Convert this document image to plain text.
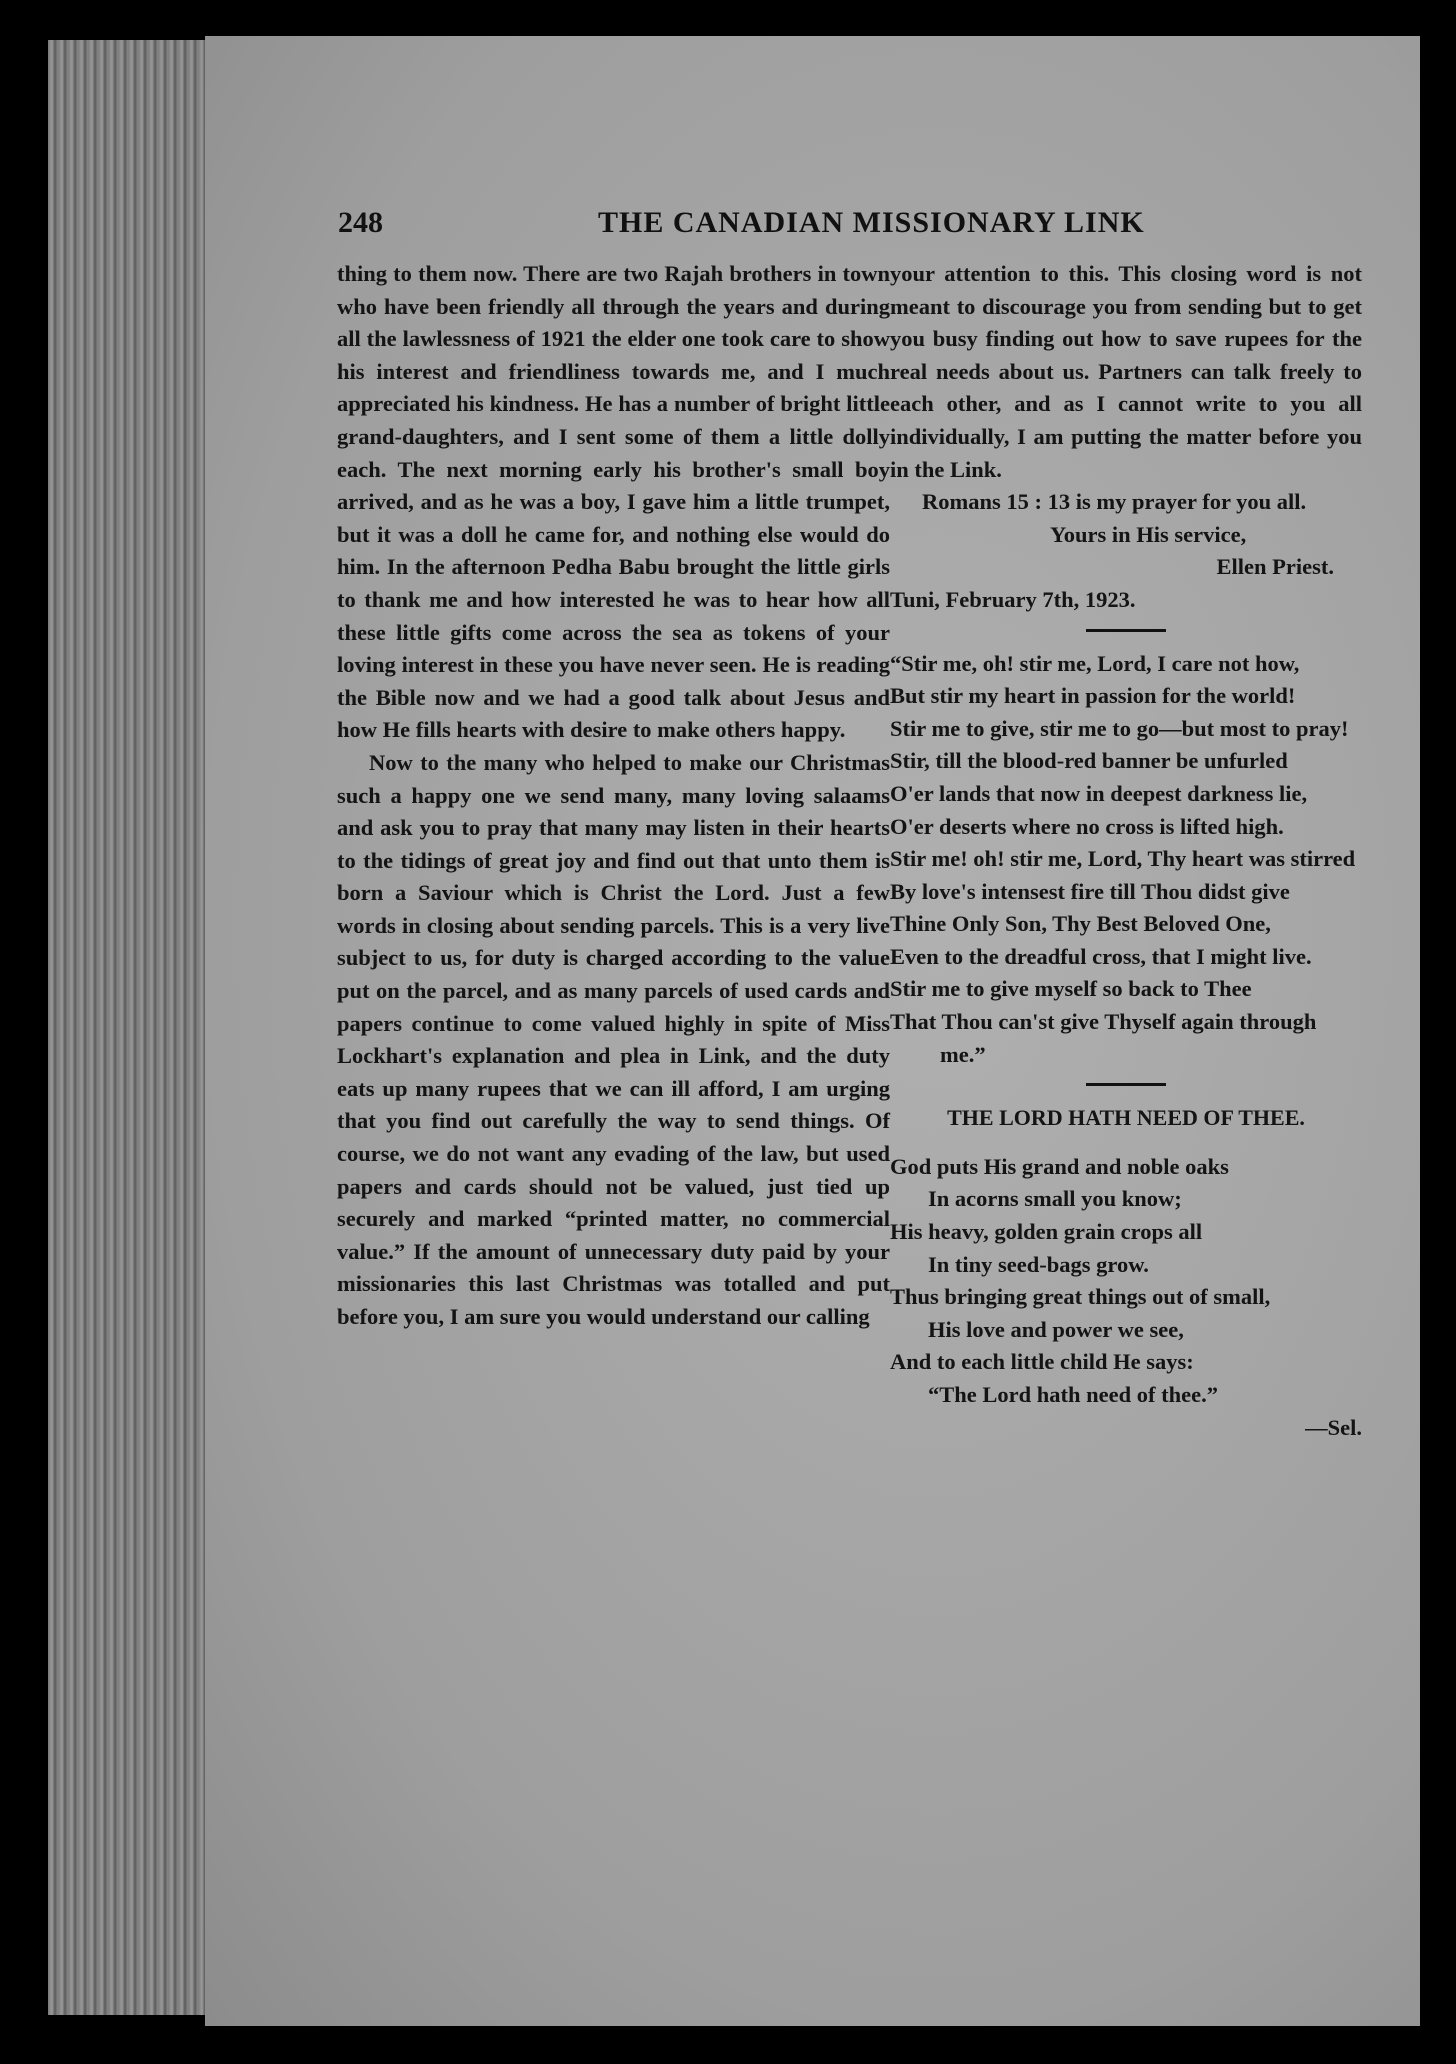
248	THE CANADIAN MISSIONARY LINK

thing to them now. There are two Rajah brothers in town who have been friendly all through the years and during all the lawlessness of 1921 the elder one took care to show his interest and friendliness towards me, and I much appreciated his kindness. He has a number of bright little grand-daughters, and I sent some of them a little dolly each. The next morning early his brother's small boy arrived, and as he was a boy, I gave him a little trumpet, but it was a doll he came for, and nothing else would do him. In the afternoon Pedha Babu brought the little girls to thank me and how interested he was to hear how all these little gifts come across the sea as tokens of your loving interest in these you have never seen. He is reading the Bible now and we had a good talk about Jesus and how He fills hearts with desire to make others happy.

Now to the many who helped to make our Christmas such a happy one we send many, many loving salaams and ask you to pray that many may listen in their hearts to the tidings of great joy and find out that unto them is born a Saviour which is Christ the Lord. Just a few words in closing about sending parcels. This is a very live subject to us, for duty is charged according to the value put on the parcel, and as many parcels of used cards and papers continue to come valued highly in spite of Miss Lockhart's explanation and plea in Link, and the duty eats up many rupees that we can ill afford, I am urging that you find out carefully the way to send things. Of course, we do not want any evading of the law, but used papers and cards should not be valued, just tied up securely and marked “printed matter, no commercial value.” If the amount of unnecessary duty paid by your missionaries this last Christmas was totalled and put before you, I am sure you would understand our calling

your attention to this. This closing word is not meant to discourage you from sending but to get you busy finding out how to save rupees for the real needs about us. Partners can talk freely to each other, and as I cannot write to you all individually, I am putting the matter before you in the Link.

Romans 15 : 13 is my prayer for you all.

Yours in His service,

Ellen Priest.

Tuni, February 7th, 1923.

“Stir me, oh! stir me, Lord, I care not how,
But stir my heart in passion for the world!
Stir me to give, stir me to go—but most to pray!
Stir, till the blood-red banner be unfurled
O'er lands that now in deepest darkness lie,
O'er deserts where no cross is lifted high.
Stir me! oh! stir me, Lord, Thy heart was stirred
By love's intensest fire till Thou didst give
Thine Only Son, Thy Best Beloved One,
Even to the dreadful cross, that I might live.
Stir me to give myself so back to Thee
That Thou can'st give Thyself again through me.”
THE LORD HATH NEED OF THEE.
God puts His grand and noble oaks
In acorns small you know;
His heavy, golden grain crops all
In tiny seed-bags grow.
Thus bringing great things out of small,
His love and power we see,
And to each little child He says:
“The Lord hath need of thee.”
—Sel.
